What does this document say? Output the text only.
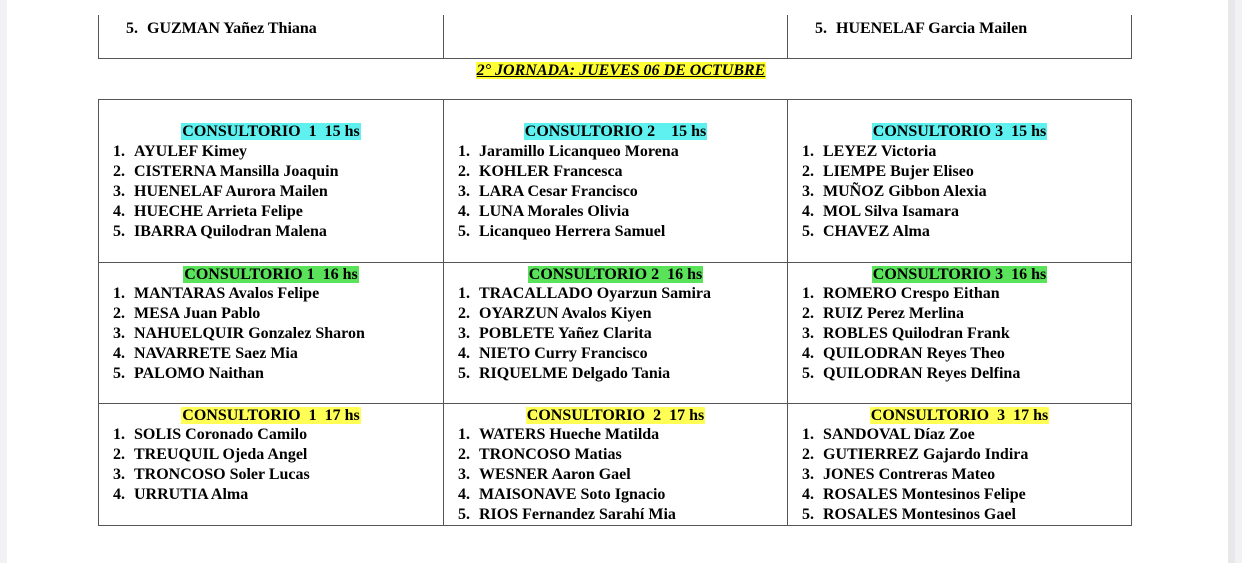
5. GUZMAN Yañez Thiana	5. HUENELAF Garcia Mailen
2° JORNADA: JUEVES 06 DE OCTUBRE
CONSULTORIO  1  15 hs
1. AYULEF Kimey
2. CISTERNA Mansilla Joaquin
3. HUENELAF Aurora Mailen
4. HUECHE Arrieta Felipe
5. IBARRA Quilodran Malena
CONSULTORIO 2    15 hs
1. Jaramillo Licanqueo Morena
2. KOHLER Francesca
3. LARA Cesar Francisco
4. LUNA Morales Olivia
5. Licanqueo Herrera Samuel
CONSULTORIO 3  15 hs
1. LEYEZ Victoria
2. LIEMPE Bujer Eliseo
3. MUÑOZ Gibbon Alexia
4. MOL Silva Isamara
5. CHAVEZ Alma
CONSULTORIO 1  16 hs
1. MANTARAS Avalos Felipe
2. MESA Juan Pablo
3. NAHUELQUIR Gonzalez Sharon
4. NAVARRETE Saez Mia
5. PALOMO Naithan
CONSULTORIO 2  16 hs
1. TRACALLADO Oyarzun Samira
2. OYARZUN Avalos Kiyen
3. POBLETE Yañez Clarita
4. NIETO Curry Francisco
5. RIQUELME Delgado Tania
CONSULTORIO 3  16 hs
1. ROMERO Crespo Eithan
2. RUIZ Perez Merlina
3. ROBLES Quilodran Frank
4. QUILODRAN Reyes Theo
5. QUILODRAN Reyes Delfina
CONSULTORIO  1  17 hs
1. SOLIS Coronado Camilo
2. TREUQUIL Ojeda Angel
3. TRONCOSO Soler Lucas
4. URRUTIA Alma
CONSULTORIO  2  17 hs
1. WATERS Hueche Matilda
2. TRONCOSO Matias
3. WESNER Aaron Gael
4. MAISONAVE Soto Ignacio
5. RIOS Fernandez Sarahí Mia
CONSULTORIO  3  17 hs
1. SANDOVAL Díaz Zoe
2. GUTIERREZ Gajardo Indira
3. JONES Contreras Mateo
4. ROSALES Montesinos Felipe
5. ROSALES Montesinos Gael
